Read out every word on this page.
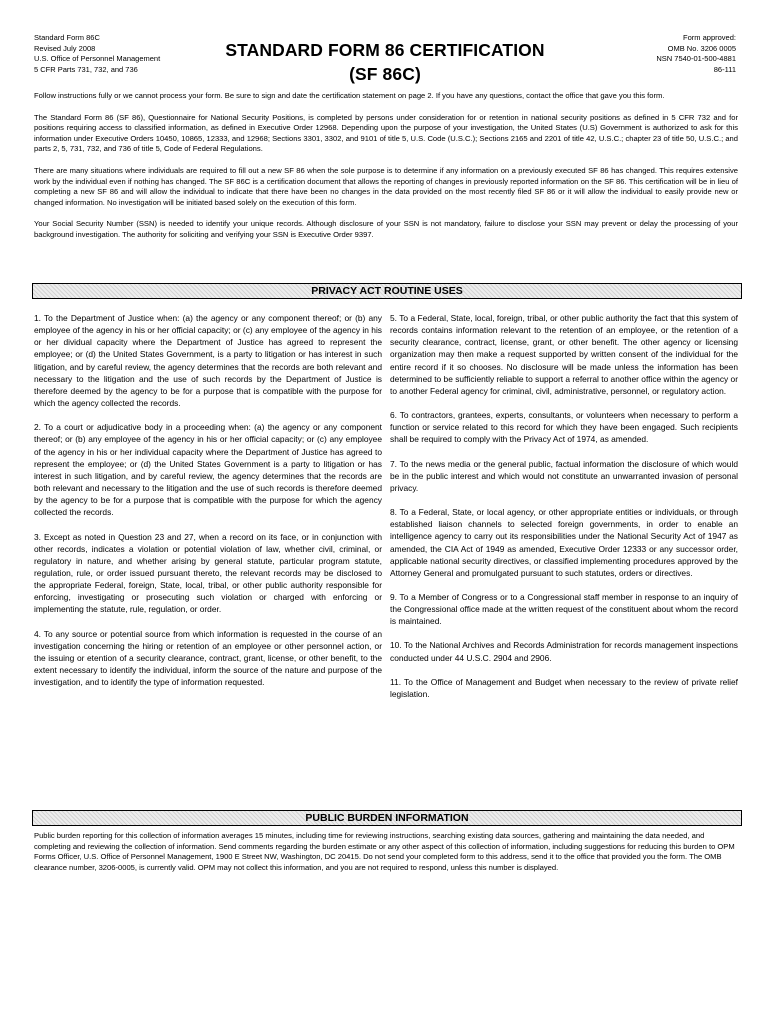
Standard Form 86C
Revised July 2008
U.S. Office of Personnel Management
5 CFR Parts 731, 732, and 736
STANDARD FORM 86 CERTIFICATION
(SF 86C)
Form approved:
OMB No. 3206 0005
NSN 7540-01-500-4881
86-111

Follow instructions fully or we cannot process your form. Be sure to sign and date the certification statement on page 2. If you have any questions, contact the office that gave you this form.

The Standard Form 86 (SF 86), Questionnaire for National Security Positions, is completed by persons under consideration for or retention in national security positions as defined in 5 CFR 732 and for positions requiring access to classified information, as defined in Executive Order 12968. Depending upon the purpose of your investigation, the United States (U.S) Government is authorized to ask for this information under Executive Orders 10450, 10865, 12333, and 12968; Sections 3301, 3302, and 9101 of title 5, U.S. Code (U.S.C.); Sections 2165 and 2201 of title 42, U.S.C.; chapter 23 of title 50, U.S.C.; and parts 2, 5, 731, 732, and 736 of title 5, Code of Federal Regulations.

There are many situations where individuals are required to fill out a new SF 86 when the sole purpose is to determine if any information on a previously executed SF 86 has changed. This requires extensive work by the individual even if nothing has changed. The SF 86C is a certification document that allows the reporting of changes in previously reported information on the SF 86. This certification will be in lieu of completing a new SF 86 and will allow the individual to indicate that there have been no changes in the data provided on the most recently filed SF 86 or it will allow the individual to easily provide new or changed information. No investigation will be initiated based solely on the execution of this form.

Your Social Security Number (SSN) is needed to identify your unique records. Although disclosure of your SSN is not mandatory, failure to disclose your SSN may prevent or delay the processing of your background investigation. The authority for soliciting and verifying your SSN is Executive Order 9397.

PRIVACY ACT ROUTINE USES

1. To the Department of Justice when: (a) the agency or any component thereof; or (b) any employee of the agency in his or her official capacity; or (c) any employee of the agency in his or her dividual capacity where the Department of Justice has agreed to represent the employee; or (d) the United States Government, is a party to litigation or has interest in such litigation, and by careful review, the agency determines that the records are both relevant and necessary to the litigation and the use of such records by the Department of Justice is therefore deemed by the agency to be for a purpose that is compatible with the purpose for which the agency collected the records.

2. To a court or adjudicative body in a proceeding when: (a) the agency or any component thereof; or (b) any employee of the agency in his or her official capacity; or (c) any employee of the agency in his or her individual capacity where the Department of Justice has agreed to represent the employee; or (d) the United States Government is a party to litigation or has interest in such litigation, and by careful review, the agency determines that the records are both relevant and necessary to the litigation and the use of such records is therefore deemed by the agency to be for a purpose that is compatible with the purpose for which the agency collected the records.

3. Except as noted in Question 23 and 27, when a record on its face, or in conjunction with other records, indicates a violation or potential violation of law, whether civil, criminal, or regulatory in nature, and whether arising by general statute, particular program statute, regulation, rule, or order issued pursuant thereto, the relevant records may be disclosed to the appropriate Federal, foreign, State, local, tribal, or other public authority responsible for enforcing, investigating or prosecuting such violation or charged with enforcing or implementing the statute, rule, regulation, or order.

4. To any source or potential source from which information is requested in the course of an investigation concerning the hiring or retention of an employee or other personnel action, or the issuing or etention of a security clearance, contract, grant, license, or other benefit, to the extent necessary to identify the individual, inform the source of the nature and purpose of the investigation, and to identify the type of information requested.

5. To a Federal, State, local, foreign, tribal, or other public authority the fact that this system of records contains information relevant to the retention of an employee, or the retention of a security clearance, contract, license, grant, or other benefit. The other agency or licensing organization may then make a request supported by written consent of the individual for the entire record if it so chooses. No disclosure will be made unless the information has been determined to be sufficiently reliable to support a referral to another office within the agency or to another Federal agency for criminal, civil, administrative, personnel, or regulatory action.

6. To contractors, grantees, experts, consultants, or volunteers when necessary to perform a function or service related to this record for which they have been engaged. Such recipients shall be required to comply with the Privacy Act of 1974, as amended.

7. To the news media or the general public, factual information the disclosure of which would be in the public interest and which would not constitute an unwarranted invasion of personal privacy.

8. To a Federal, State, or local agency, or other appropriate entities or individuals, or through established liaison channels to selected foreign governments, in order to enable an intelligence agency to carry out its responsibilities under the National Security Act of 1947 as amended, the CIA Act of 1949 as amended, Executive Order 12333 or any successor order, applicable national security directives, or classified implementing procedures approved by the Attorney General and promulgated pursuant to such statutes, orders or directives.

9. To a Member of Congress or to a Congressional staff member in response to an inquiry of the Congressional office made at the written request of the constituent about whom the record is maintained.

10. To the National Archives and Records Administration for records management inspections conducted under 44 U.S.C. 2904 and 2906.

11. To the Office of Management and Budget when necessary to the review of private relief legislation.

PUBLIC BURDEN INFORMATION
Public burden reporting for this collection of information averages 15 minutes, including time for reviewing instructions, searching existing data sources, gathering and maintaining the data needed, and completing and reviewing the collection of information. Send comments regarding the burden estimate or any other aspect of this collection of information, including suggestions for reducing this burden to OPM Forms Officer, U.S. Office of Personnel Management, 1900 E Street NW, Washington, DC 20415. Do not send your completed form to this address, send it to the office that provided you the form. The OMB clearance number, 3206-0005, is currently valid. OPM may not collect this information, and you are not required to respond, unless this number is displayed.
